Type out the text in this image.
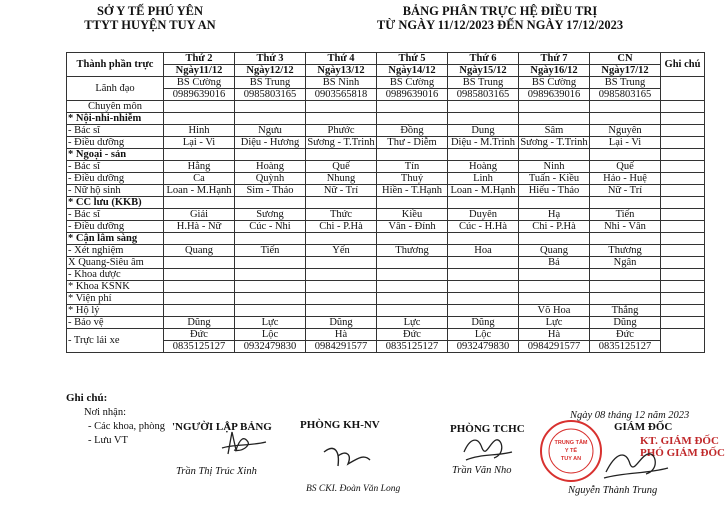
SỞ Y TẾ PHÚ YÊN
TTYT HUYỆN TUY AN
BẢNG PHÂN TRỰC HỆ ĐIỀU TRỊ
TỪ NGÀY 11/12/2023 ĐẾN NGÀY 17/12/2023
Thành phần trực	Thứ 2	Thứ 3	Thứ 4	Thứ 5	Thứ 6	Thứ 7	CN	Ghi chú
	Ngày11/12	Ngày12/12	Ngày13/12	Ngày14/12	Ngày15/12	Ngày16/12	Ngày17/12	
Lãnh đạo	BS Cường	BS Trung	BS Ninh	BS Cường	BS Trung	BS Cường	BS Trung	
	0989639016	0985803165	0903565818	0989639016	0985803165	0989639016	0985803165	
Chuyên môn								
* Nội-nhi-nhiễm								
- Bác sĩ	Hinh	Ngưu	Phước	Đồng	Dung	Sâm	Nguyên	
- Điều dưỡng	Lại - Vi	Diệu - Hương	Sương - T.Trinh	Thư - Diễm	Diệu - M.Trinh	Sương - T.Trinh	Lại - Vi	
* Ngoại - sản								
- Bác sĩ	Hằng	Hoàng	Quế	Tín	Hoàng	Ninh	Quế	
- Điều dưỡng	Ca	Quỳnh	Nhung	Thuỷ	Linh	Tuấn - Kiều	Hảo - Huệ	
- Nữ hộ sinh	Loan - M.Hạnh	Sim - Thảo	Nữ - Trí	Hiền - T.Hạnh	Loan - M.Hạnh	Hiếu - Thảo	Nữ - Trí	
* CC lưu (KKB)								
- Bác sĩ	Giải	Sương	Thức	Kiều	Duyên	Hạ	Tiến	
- Điều dưỡng	H.Hà - Nữ	Cúc - Nhi	Chi - P.Hà	Vân - Đính	Cúc - H.Hà	Chi - P.Hà	Nhi - Vân	
* Cận lâm sàng								
- Xét nghiệm	Quang	Tiến	Yến	Thương	Hoa	Quang	Thương	
X Quang-Siêu âm						Bá	Ngân	
- Khoa dược								
* Khoa KSNK								
* Viện phí								
* Hộ lý						Võ Hoa	Thắng	
- Bảo vệ	Dũng	Lực	Dũng	Lực	Dũng	Lực	Dũng	
- Trực lái xe	Đức	Lộc	Hà	Đức	Lộc	Hà	Đức	
	0835125127	0932479830	0984291577	0835125127	0932479830	0984291577	0835125127	
Ghi chú:
Nơi nhận:
- Các khoa, phòng
- Lưu VT
Ngày 08 tháng 12 năm 2023
'NGƯỜI LẬP BẢNG	PHÒNG KH-NV	PHÒNG TCHC	GIÁM ĐỐC
KT. GIÁM ĐỐC
PHÓ GIÁM ĐỐC
TRUNG TÂM
Y TẾ
TUY AN
Trần Thị Trúc Xinh
BS CKI. Đoàn Văn Long
Trần Văn Nho
Nguyễn Thành Trung
